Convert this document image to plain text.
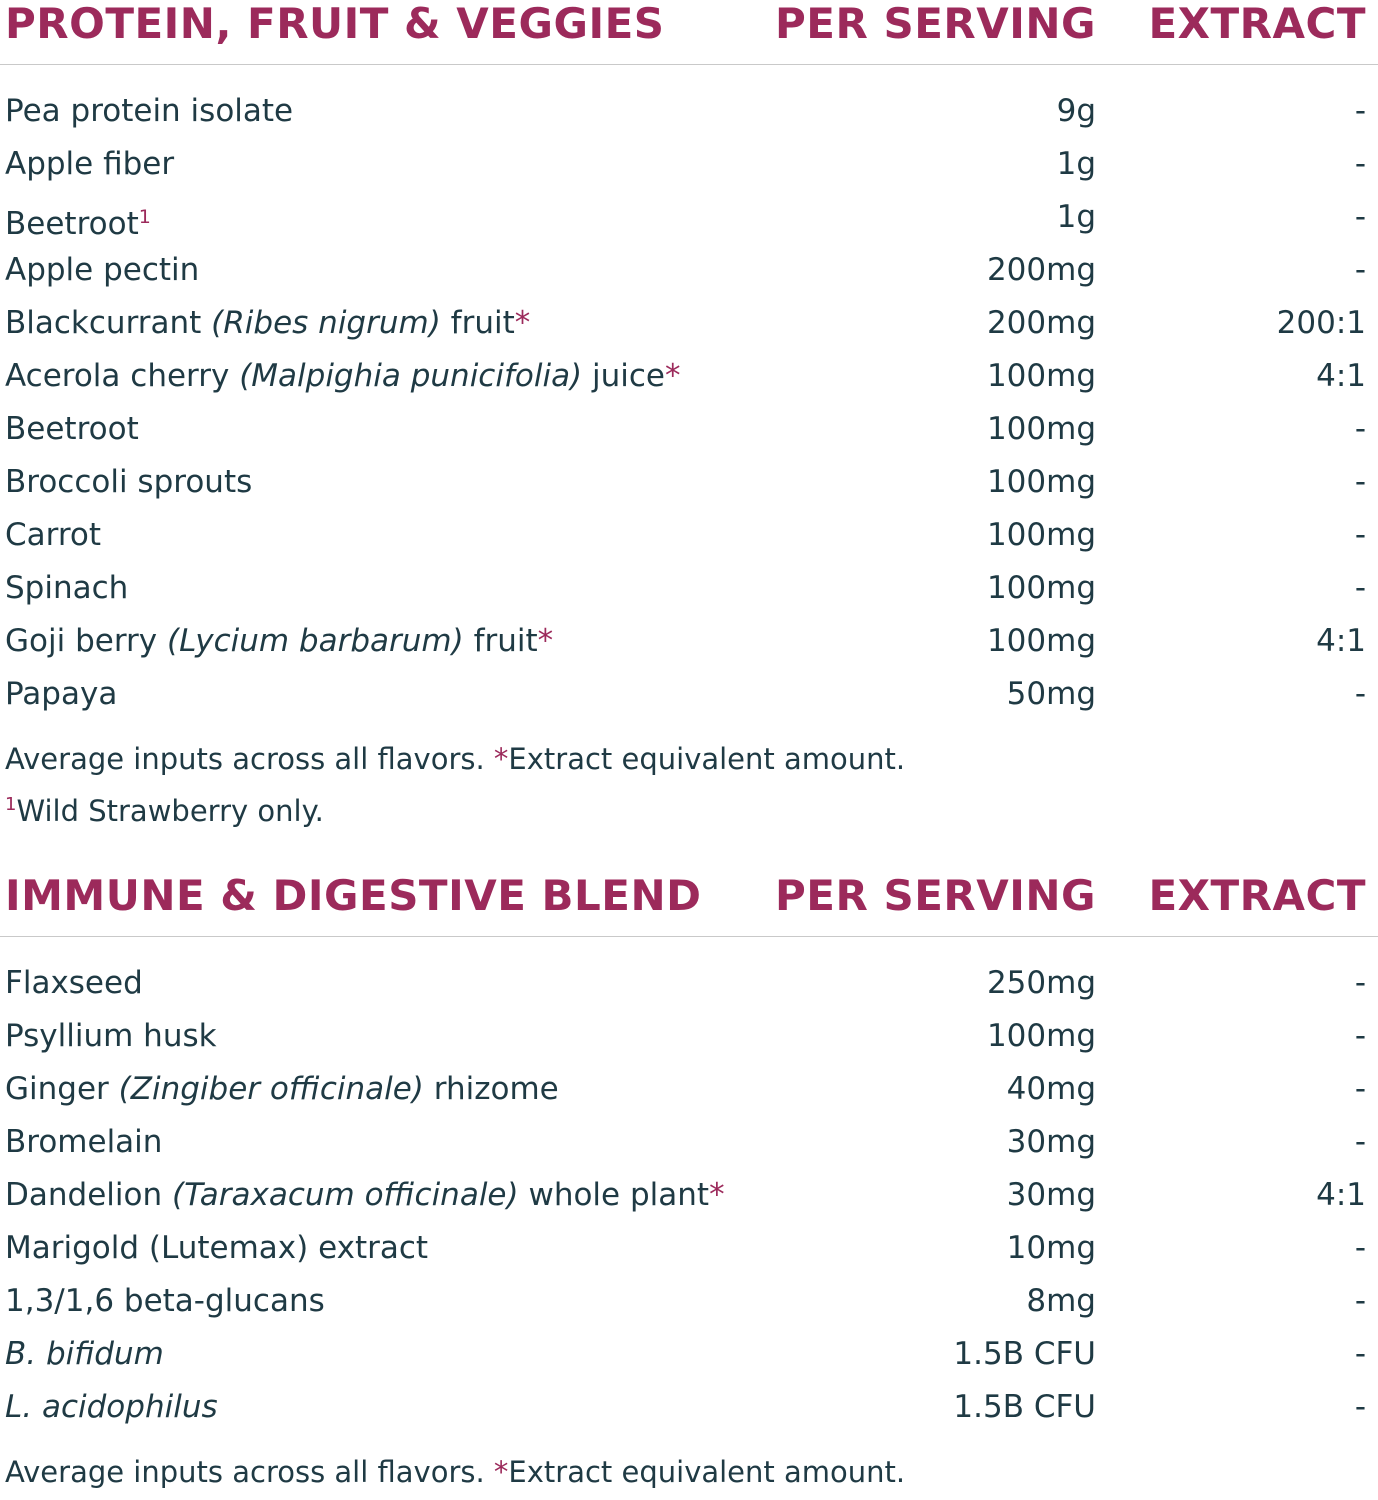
PROTEIN, FRUIT & VEGGIES	PER SERVING EXTRACT
Pea protein isolate	9g	-
Apple fiber	1g	-
Beetroot$^1$	1g	-
Apple pectin	200mg	-
Blackcurrant (Ribes nigrum) fruit*	200mg	200:1
Acerola cherry (Malpighia punicifolia) juice*	100mg	4:1
Beetroot	100mg	-
Broccoli sprouts	100mg	-
Carrot	100mg	-
Spinach	100mg	-
Goji berry (Lycium barbarum) fruit*	100mg	4:1
Papaya	50mg	-
Average inputs across all flavors. *Extract equivalent amount.
$^1$Wild Strawberry only.
IMMUNE & DIGESTIVE BLEND PER SERVING EXTRACT
Flaxseed	250mg	-
Psyllium husk	100mg	-
Ginger (Zingiber officinale) rhizome	40mg	-
Bromelain	30mg	-
Dandelion (Taraxacum officinale) whole plant*	30mg	4:1
Marigold (Lutemax) extract	10mg	-
1,3/1,6 beta-glucans	8mg	-
B. bifidum	1.5B CFU	-
L. acidophilus	1.5B CFU	-
Average inputs across all flavors. *Extract equivalent amount.
